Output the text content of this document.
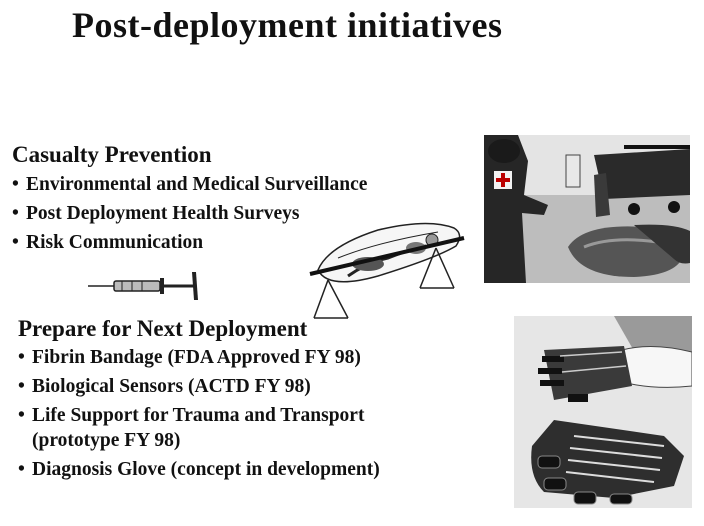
Post-deployment initiatives
Casualty Prevention
• Environmental and Medical Surveillance
• Post Deployment Health Surveys
• Risk Communication
Prepare for Next Deployment
• Fibrin Bandage (FDA Approved FY 98)
• Biological Sensors (ACTD FY 98)
• Life Support for Trauma and Transport
(prototype FY 98)
• Diagnosis Glove (concept in development)
